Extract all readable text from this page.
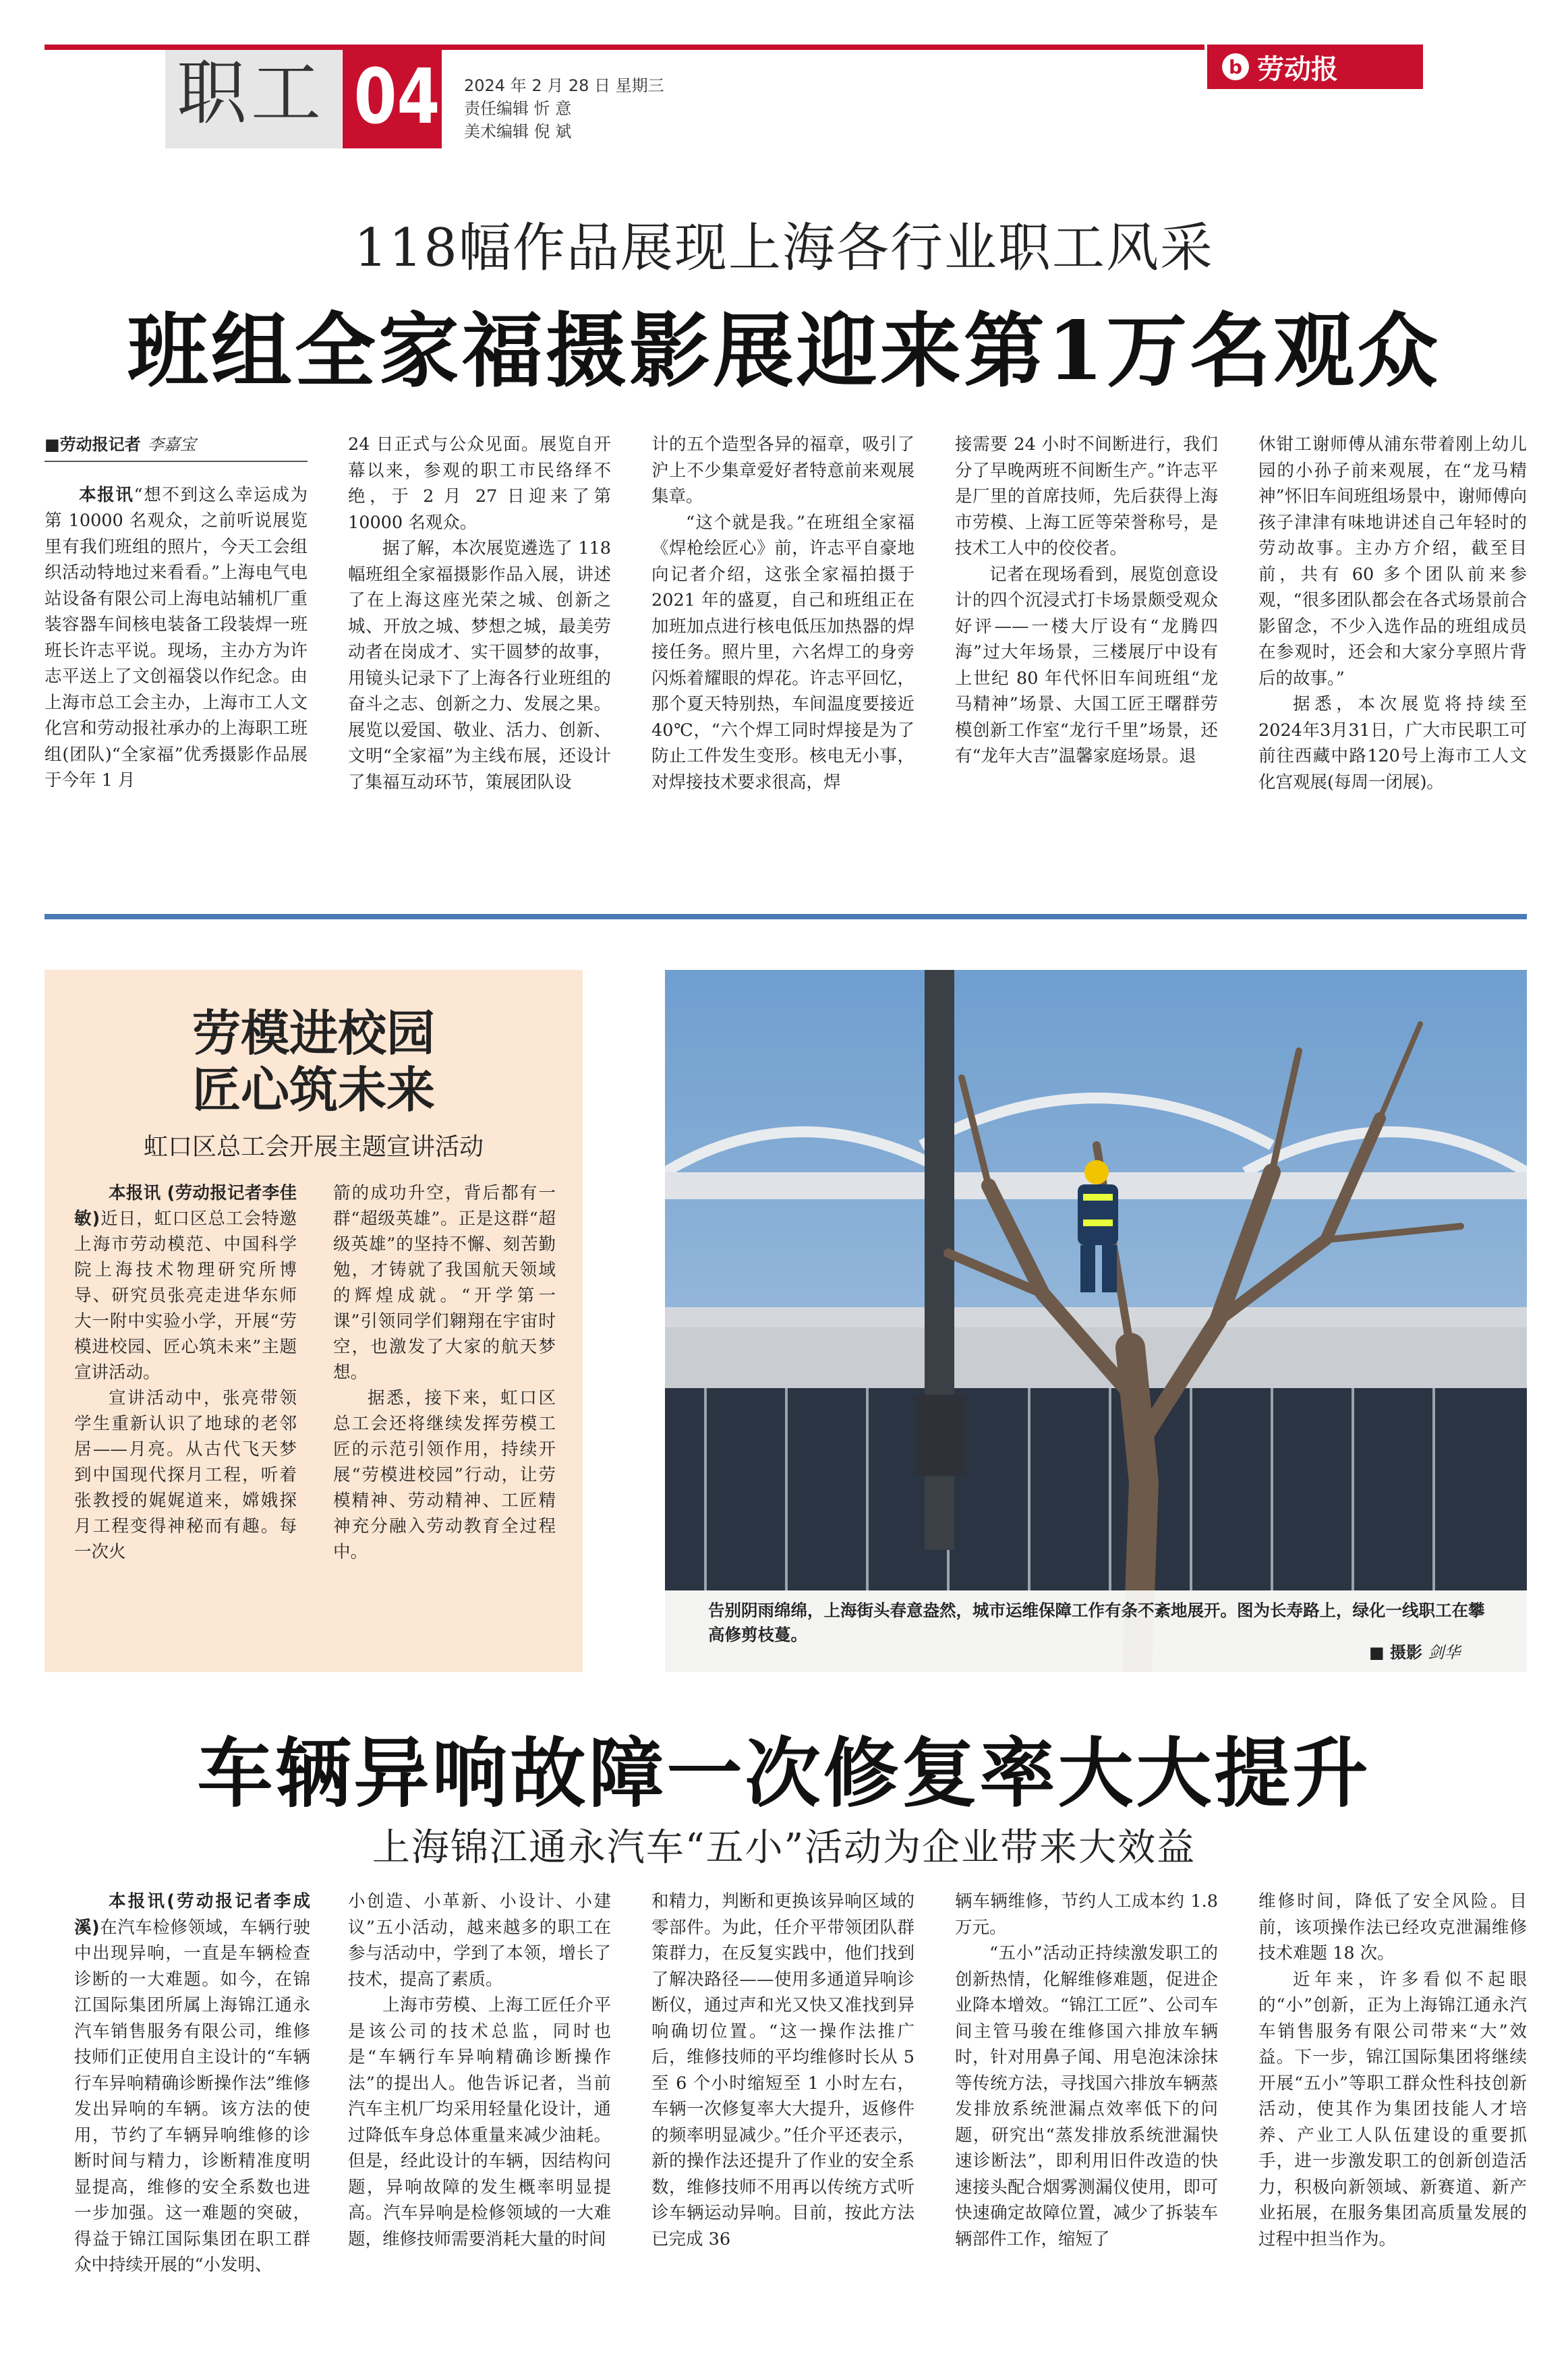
职工 04 2024 年 2 月 28 日 星期三
责任编辑 忻 意
美术编辑 倪 斌
b 劳动报
118幅作品展现上海各行业职工风采
班组全家福摄影展迎来第1万名观众
■劳动报记者 李嘉宝

本报讯“想不到这么幸运成为第 10000 名观众，之前听说展览里有我们班组的照片，今天工会组织活动特地过来看看。”上海电气电站设备有限公司上海电站辅机厂重装容器车间核电装备工段装焊一班班长许志平说。现场，主办方为许志平送上了文创福袋以作纪念。由上海市总工会主办，上海市工人文化宫和劳动报社承办的上海职工班组(团队)“全家福”优秀摄影作品展于今年 1 月

24 日正式与公众见面。展览自开幕以来，参观的职工市民络绎不绝，于 2 月 27 日迎来了第 10000 名观众。

据了解，本次展览遴选了 118 幅班组全家福摄影作品入展，讲述了在上海这座光荣之城、创新之城、开放之城、梦想之城，最美劳动者在岗成才、实干圆梦的故事，用镜头记录下了上海各行业班组的奋斗之志、创新之力、发展之果。展览以爱国、敬业、活力、创新、文明“全家福”为主线布展，还设计了集福互动环节，策展团队设

计的五个造型各异的福章，吸引了沪上不少集章爱好者特意前来观展集章。

“这个就是我。”在班组全家福《焊枪绘匠心》前，许志平自豪地向记者介绍，这张全家福拍摄于 2021 年的盛夏，自己和班组正在加班加点进行核电低压加热器的焊接任务。照片里，六名焊工的身旁闪烁着耀眼的焊花。许志平回忆，那个夏天特别热，车间温度要接近 40℃，“六个焊工同时焊接是为了防止工件发生变形。核电无小事，对焊接技术要求很高，焊

接需要 24 小时不间断进行，我们分了早晚两班不间断生产。”许志平是厂里的首席技师，先后获得上海市劳模、上海工匠等荣誉称号，是技术工人中的佼佼者。

记者在现场看到，展览创意设计的四个沉浸式打卡场景颇受观众好评——一楼大厅设有“龙腾四海”过大年场景，三楼展厅中设有上世纪 80 年代怀旧车间班组“龙马精神”场景、大国工匠王曙群劳模创新工作室“龙行千里”场景，还有“龙年大吉”温馨家庭场景。退

休钳工谢师傅从浦东带着刚上幼儿园的小孙子前来观展，在“龙马精神”怀旧车间班组场景中，谢师傅向孩子津津有味地讲述自己年轻时的劳动故事。主办方介绍，截至目前，共有 60 多个团队前来参观，“很多团队都会在各式场景前合影留念，不少入选作品的班组成员在参观时，还会和大家分享照片背后的故事。”

据悉，本次展览将持续至 2024年3月31日，广大市民职工可前往西藏中路120号上海市工人文化宫观展(每周一闭展)。

劳模进校园
匠心筑未来
虹口区总工会开展主题宣讲活动

本报讯 (劳动报记者李佳敏)近日，虹口区总工会特邀上海市劳动模范、中国科学院上海技术物理研究所博导、研究员张亮走进华东师大一附中实验小学，开展“劳模进校园、匠心筑未来”主题宣讲活动。

宣讲活动中，张亮带领学生重新认识了地球的老邻居——月亮。从古代飞天梦到中国现代探月工程，听着张教授的娓娓道来，嫦娥探月工程变得神秘而有趣。每一次火

箭的成功升空，背后都有一群“超级英雄”。正是这群“超级英雄”的坚持不懈、刻苦勤勉，才铸就了我国航天领域的辉煌成就。“开学第一课”引领同学们翱翔在宇宙时空，也激发了大家的航天梦想。

据悉，接下来，虹口区总工会还将继续发挥劳模工匠的示范引领作用，持续开展“劳模进校园”行动，让劳模精神、劳动精神、工匠精神充分融入劳动教育全过程中。

告别阴雨绵绵，上海街头春意盎然，城市运维保障工作有条不紊地展开。图为长寿路上，绿化一线职工在攀高修剪枝蔓。
■ 摄影 剑华
车辆异响故障一次修复率大大提升
上海锦江通永汽车“五小”活动为企业带来大效益

本报讯(劳动报记者李成溪)在汽车检修领域，车辆行驶中出现异响，一直是车辆检查诊断的一大难题。如今，在锦江国际集团所属上海锦江通永汽车销售服务有限公司，维修技师们正使用自主设计的“车辆行车异响精确诊断操作法”维修发出异响的车辆。该方法的使用，节约了车辆异响维修的诊断时间与精力，诊断精准度明显提高，维修的安全系数也进一步加强。这一难题的突破，得益于锦江国际集团在职工群众中持续开展的“小发明、

小创造、小革新、小设计、小建议”五小活动，越来越多的职工在参与活动中，学到了本领，增长了技术，提高了素质。

上海市劳模、上海工匠任介平是该公司的技术总监，同时也是“车辆行车异响精确诊断操作法”的提出人。他告诉记者，当前汽车主机厂均采用轻量化设计，通过降低车身总体重量来减少油耗。但是，经此设计的车辆，因结构问题，异响故障的发生概率明显提高。汽车异响是检修领域的一大难题，维修技师需要消耗大量的时间

和精力，判断和更换该异响区域的零部件。为此，任介平带领团队群策群力，在反复实践中，他们找到了解决路径——使用多通道异响诊断仪，通过声和光又快又准找到异响确切位置。“这一操作法推广后，维修技师的平均维修时长从 5 至 6 个小时缩短至 1 小时左右，车辆一次修复率大大提升，返修件的频率明显减少。”任介平还表示，新的操作法还提升了作业的安全系数，维修技师不用再以传统方式听诊车辆运动异响。目前，按此方法已完成 36

辆车辆维修，节约人工成本约 1.8 万元。

“五小”活动正持续激发职工的创新热情，化解维修难题，促进企业降本增效。“锦江工匠”、公司车间主管马骏在维修国六排放车辆时，针对用鼻子闻、用皂泡沫涂抹等传统方法，寻找国六排放车辆蒸发排放系统泄漏点效率低下的问题，研究出“蒸发排放系统泄漏快速诊断法”，即利用旧件改造的快速接头配合烟雾测漏仪使用，即可快速确定故障位置，减少了拆装车辆部件工作，缩短了

维修时间，降低了安全风险。目前，该项操作法已经攻克泄漏维修技术难题 18 次。

近年来，许多看似不起眼的“小”创新，正为上海锦江通永汽车销售服务有限公司带来“大”效益。下一步，锦江国际集团将继续开展“五小”等职工群众性科技创新活动，使其作为集团技能人才培养、产业工人队伍建设的重要抓手，进一步激发职工的创新创造活力，积极向新领域、新赛道、新产业拓展，在服务集团高质量发展的过程中担当作为。
